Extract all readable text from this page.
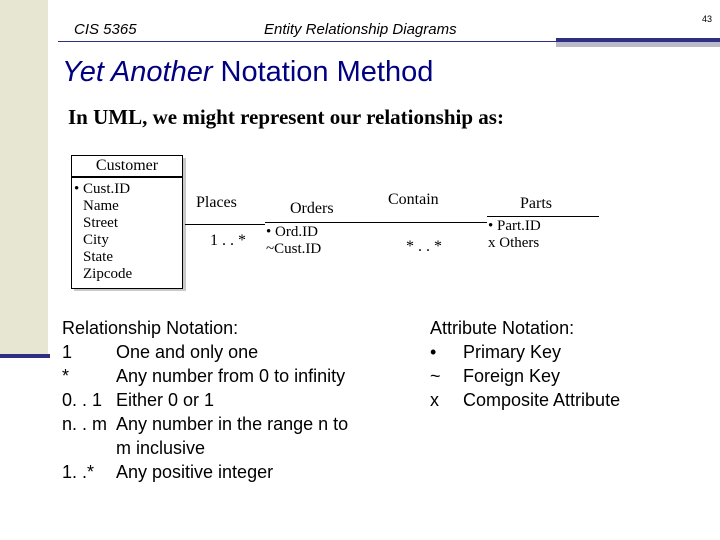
CIS 5365	Entity Relationship Diagrams
43
Yet Another Notation Method
In UML, we might represent our relationship as:
Customer
• Cust.ID
Name
Street
City
State
Zipcode
Places
1 . . *
Orders
• Ord.ID
~Cust.ID
Contain
* . . *
Parts
• Part.ID
x Others
Relationship Notation:
1 One and only one
*	Any number from 0 to infinity
0. . 1 Either 0 or 1
n. . m Any number in the range n to
m inclusive
1. .* Any positive integer
Attribute Notation:
• Primary Key
~ Foreign Key
x Composite Attribute
